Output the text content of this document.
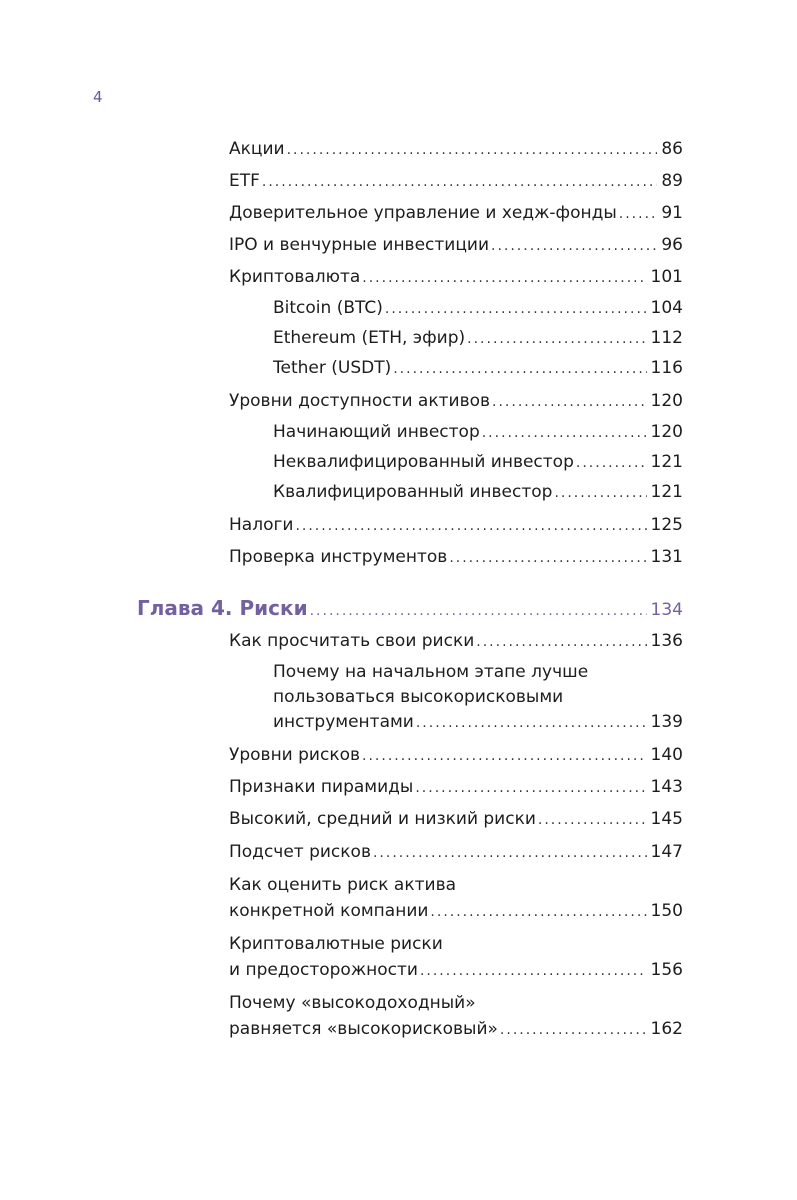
4
Акции .....	86
ETF .....	89
Доверительное управление и хедж-фонды .....	91
IPO и венчурные инвестиции .....	96
Криптовалюта .....	101
Bitcoin (BTC) .....	104
Ethereum (ETH, эфир) .....	112
Tether (USDT) .....	116
Уровни доступности активов .....	120
Начинающий инвестор .....	120
Неквалифицированный инвестор .....	121
Квалифицированный инвестор .....	121
Налоги .....	125
Проверка инструментов .....	131
Глава 4. Риски .....	134
Как просчитать свои риски .....	136
Почему на начальном этапе лучше
пользоваться высокорисковыми
инструментами .....	139
Уровни рисков .....	140
Признаки пирамиды .....	143
Высокий, средний и низкий риски .....	145
Подсчет рисков .....	147
Как оценить риск актива
конкретной компании .....	150
Криптовалютные риски
и предосторожности .....	156
Почему «высокодоходный»
равняется «высокорисковый» .....	162
